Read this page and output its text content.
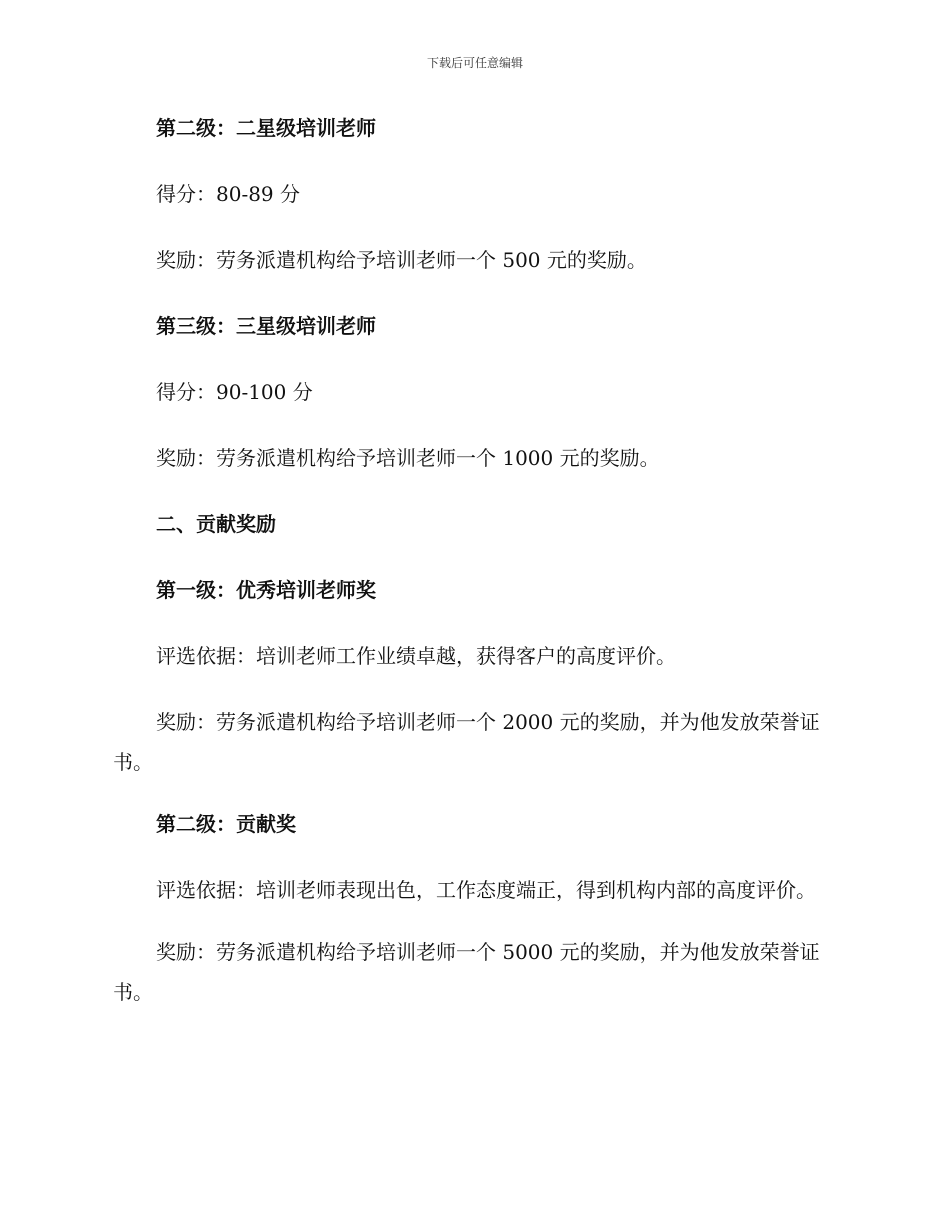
下载后可任意编辑

第二级：二星级培训老师

得分：80-89 分

奖励：劳务派遣机构给予培训老师一个 500 元的奖励。

第三级：三星级培训老师

得分：90-100 分

奖励：劳务派遣机构给予培训老师一个 1000 元的奖励。

二、贡献奖励

第一级：优秀培训老师奖

评选依据：培训老师工作业绩卓越，获得客户的高度评价。

奖励：劳务派遣机构给予培训老师一个 2000 元的奖励，并为他发放荣誉证书。

第二级：贡献奖

评选依据：培训老师表现出色，工作态度端正，得到机构内部的高度评价。

奖励：劳务派遣机构给予培训老师一个 5000 元的奖励，并为他发放荣誉证书。
